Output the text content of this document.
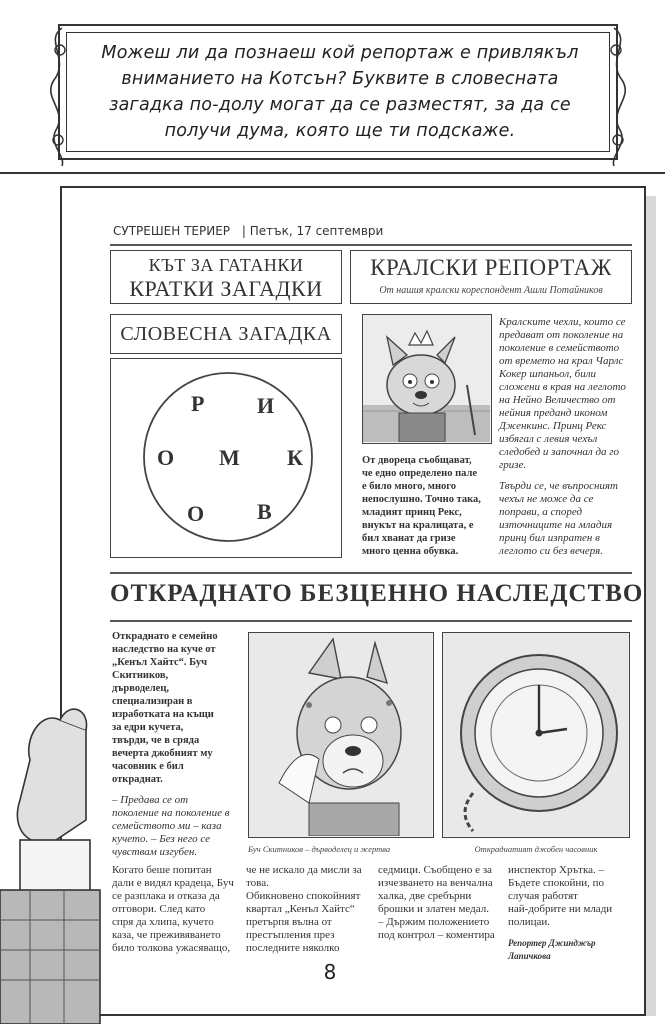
Можеш ли да познаеш кой репортаж е привлякъл
вниманието на Котсън? Буквите в словесната
загадка по-долу могат да се разместят, за да се
получи дума, която ще ти подскаже.
СУТРЕШЕН ТЕРИЕР | Петък, 17 септември
КЪТ ЗА ГАТАНКИ
КРАТКИ ЗАГАДКИ
КРАЛСКИ РЕПОРТАЖ
От нашия кралски кореспондент Ашли Потайников
СЛОВЕСНА ЗАГАДКА
Р И
О М К
О В
Кралските чехли, които се
предават от поколение на
поколение в семейството
от времето на крал Чарлс
Кокер шпаньол, били
сложени в края на леглото
на Нейно Величество от
нейния преданд иконом
Дженкинс. Принц Рекс
избягал с левия чехъл
следобед и започнал да го
гризе.
Твърди се, че въпросният
чехъл не може да се
поправи, а според
източниците на младия
принц бил изпратен в
леглото си без вечеря.
От двореца съобщават,
че едно определено пале
е било много, много
непослушно. Точно така,
младият принц Рекс,
внукът на кралицата, е
бил хванат да гризе
много ценна обувка.
ОТКРАДНАТО БЕЗЦЕННО НАСЛЕДСТВО
Откраднато е семейно
наследство на куче от
„Кенъл Хайтс“. Буч
Скитников,
дърводелец,
специализиран в
изработката на къщи
за едри кучета,
твърди, че в сряда
вечерта джобният му
часовник е бил
откраднат.
– Предава се от
поколение на поколение в
семейството ми – каза
кучето. – Без него се
чувствам изгубен.	Буч Скитников – дърводелец и жертва	Откраднатият джобен часовник
Когато беше попитан
дали е видял крадеца, Буч
се разплака и отказа да
отговори. След като
спря да хлипа, кучето
каза, че преживяването
било толкова ужасяващо,
че не искало да мисли за
това.
Обикновено спокойният
квартал „Кенъл Хайтс“
претърпя вълна от
престъпления през
последните няколко
седмици. Съобщено е за
изчезването на венчална
халка, две сребърни
брошки и златен медал.
– Държим положението
под контрол – коментира
инспектор Хрътка. –
Бъдете спокойни, по
случая работят
най-добрите ни млади
полицаи.
Репортер Джинджър Лапичкова
8
